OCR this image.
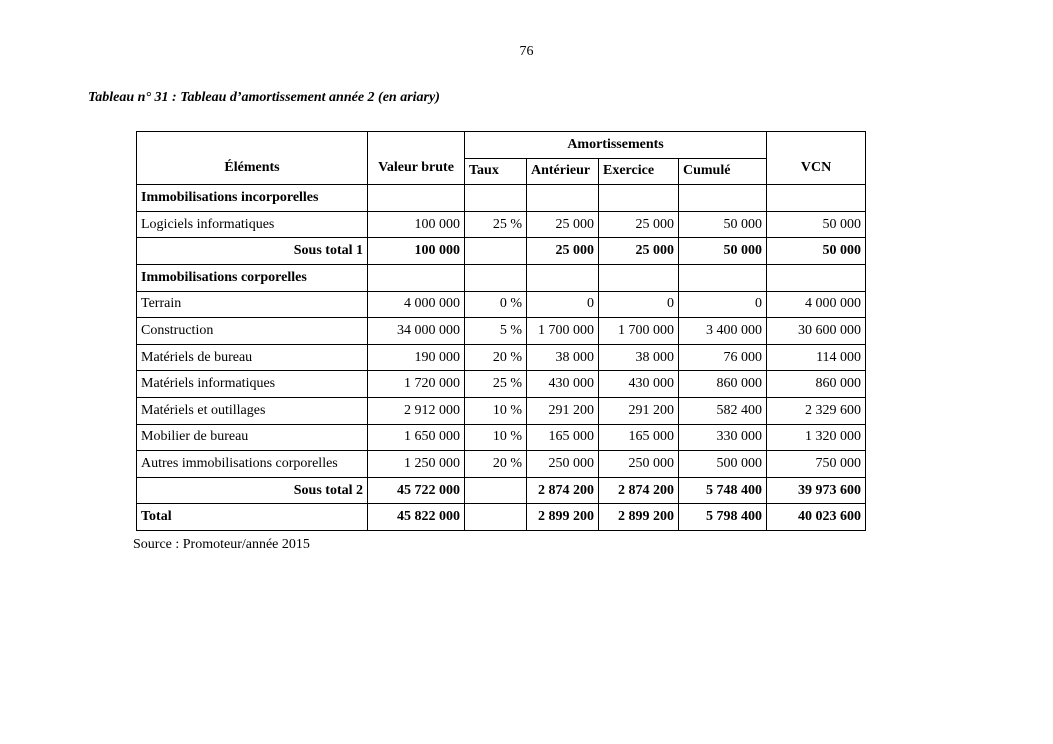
76
Tableau n° 31 : Tableau d’amortissement année 2 (en ariary)
Éléments	Valeur brute	Amortissements				VCN
		Taux	Antérieur	Exercice	Cumulé	
Immobilisations incorporelles						
Logiciels informatiques	100 000	25 %	25 000	25 000	50 000	50 000
Sous total 1	100 000		25 000	25 000	50 000	50 000
Immobilisations corporelles						
Terrain	4 000 000	0 %	0	0	0	4 000 000
Construction	34 000 000	5 %	1 700 000	1 700 000	3 400 000	30 600 000
Matériels de bureau	190 000	20 %	38 000	38 000	76 000	114 000
Matériels informatiques	1 720 000	25 %	430 000	430 000	860 000	860 000
Matériels et outillages	2 912 000	10 %	291 200	291 200	582 400	2 329 600
Mobilier de bureau	1 650 000	10 %	165 000	165 000	330 000	1 320 000
Autres immobilisations corporelles	1 250 000	20 %	250 000	250 000	500 000	750 000
Sous total 2	45 722 000		2 874 200	2 874 200	5 748 400	39 973 600
Total	45 822 000		2 899 200	2 899 200	5 798 400	40 023 600
Source : Promoteur/année 2015
